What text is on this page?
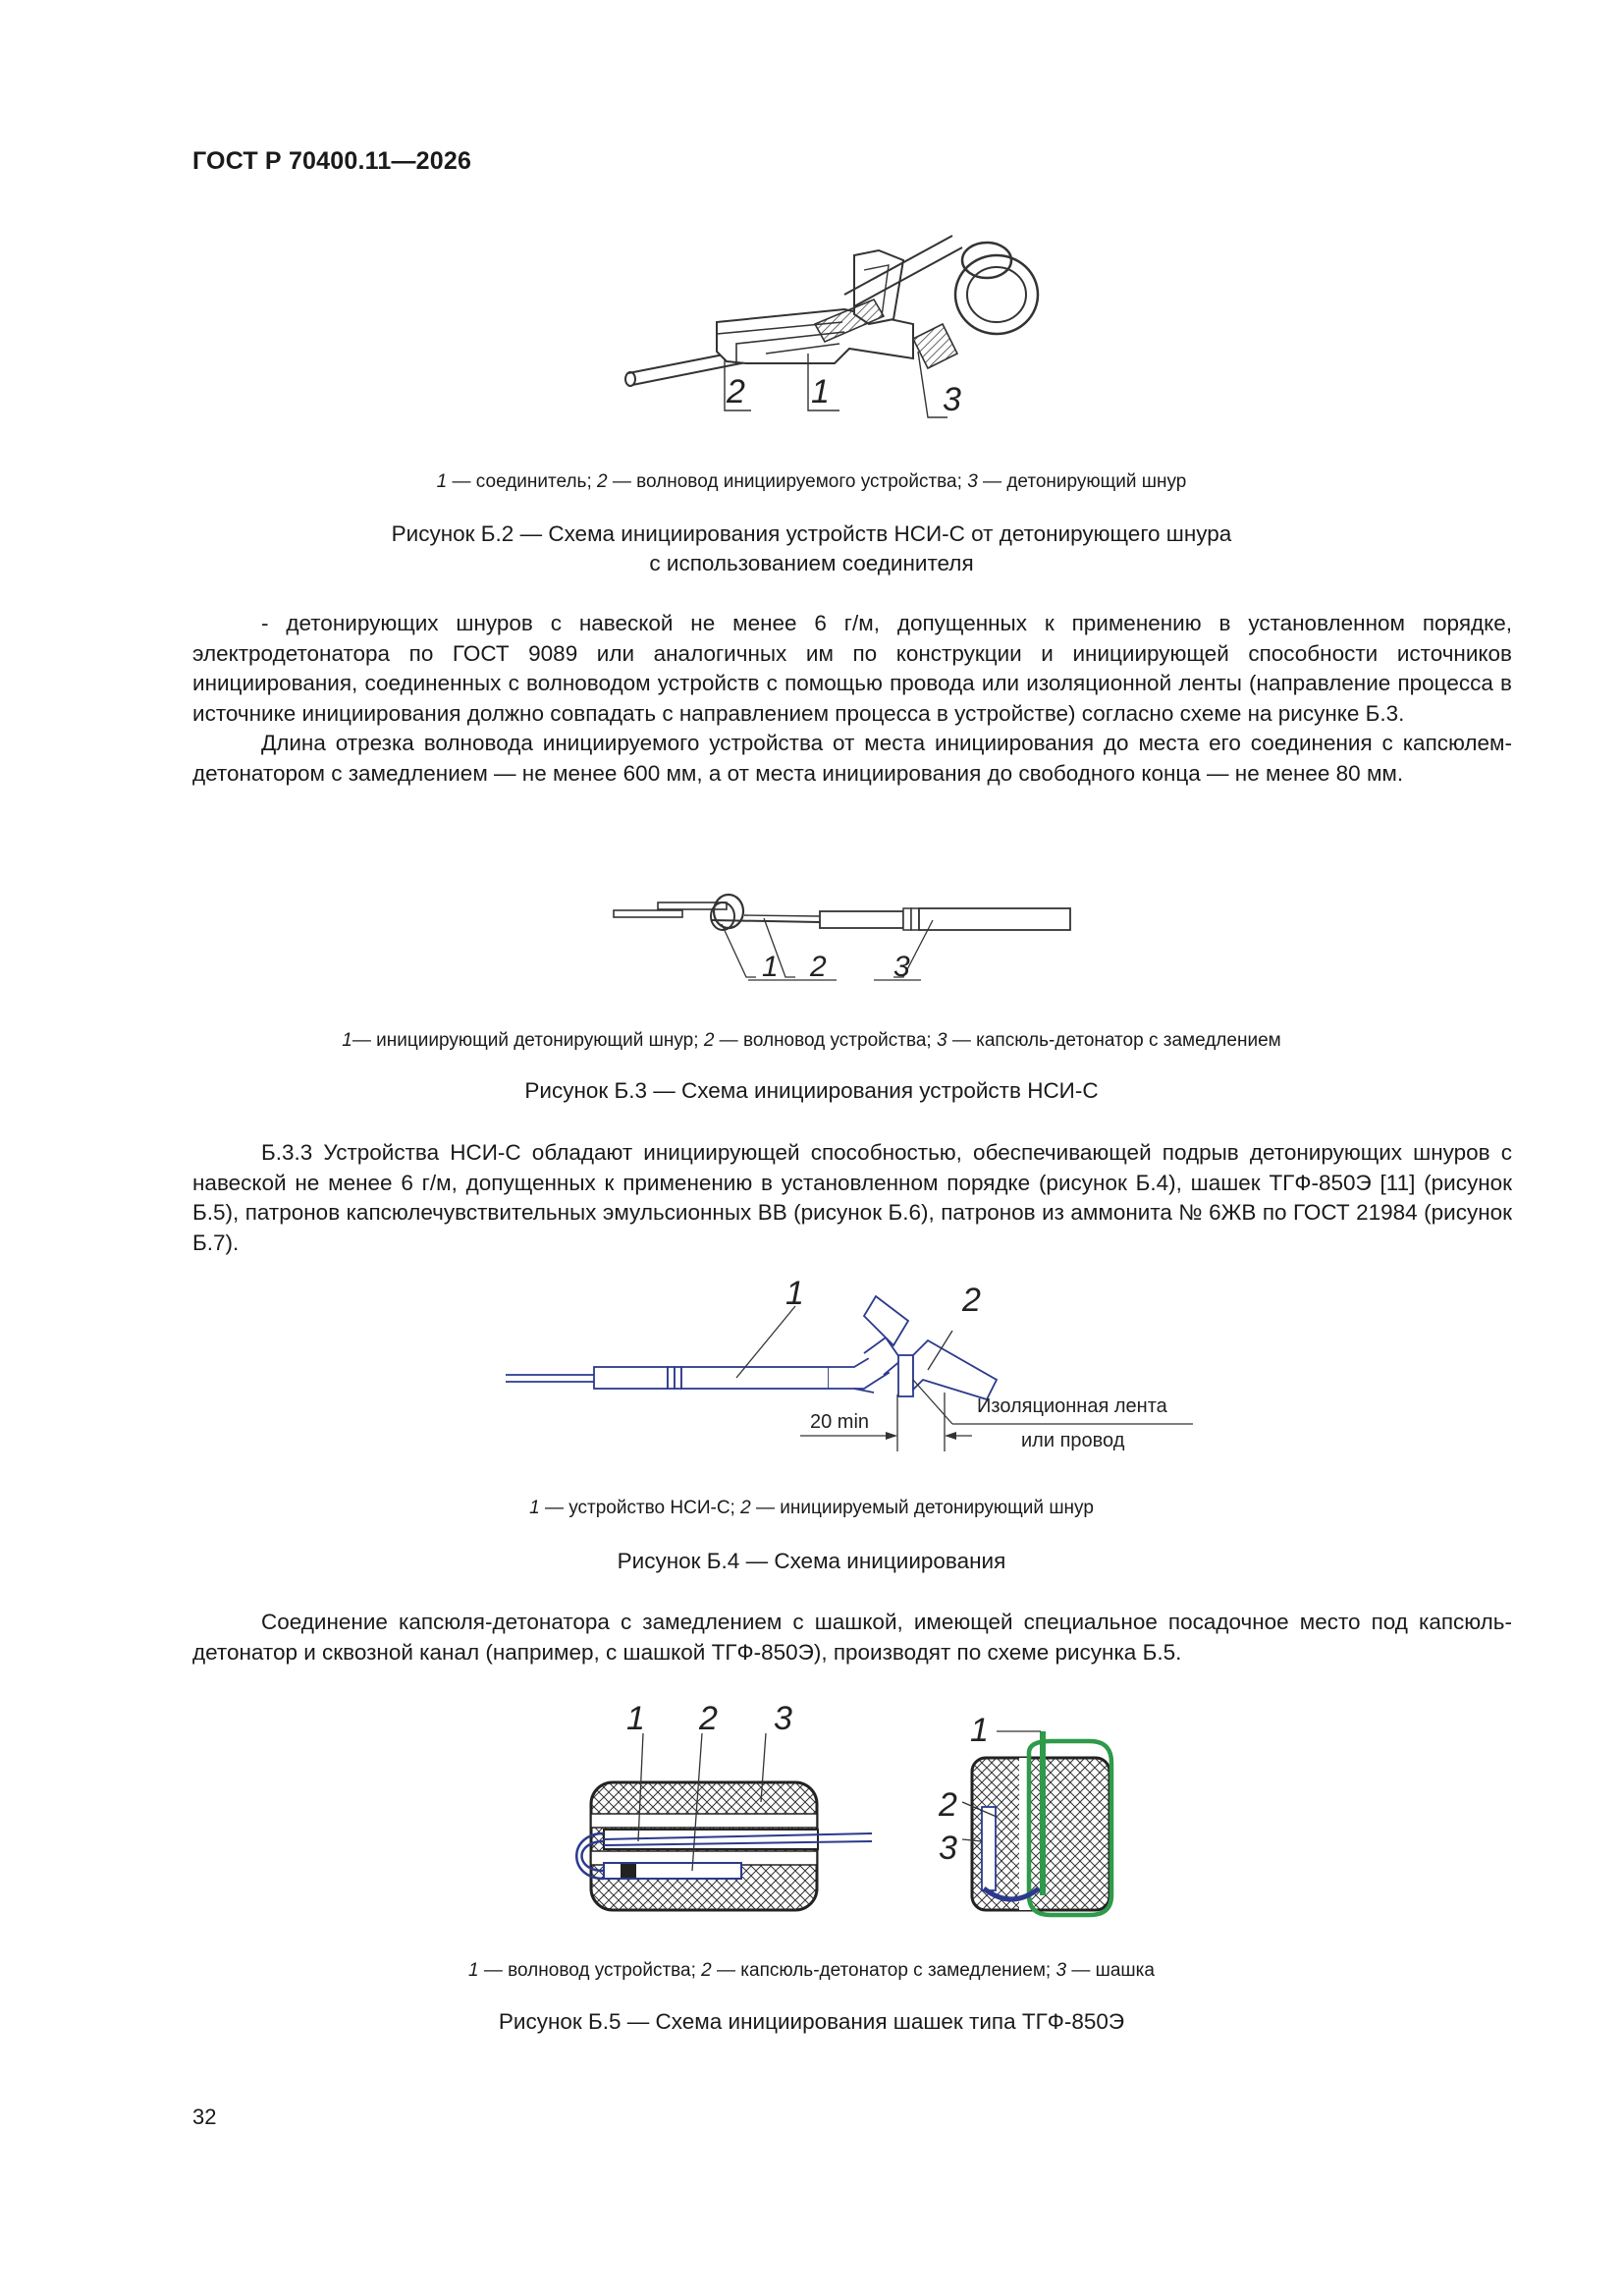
ГОСТ Р 70400.11—2026
2 1	3
1 — соединитель; 2 — волновод инициируемого устройства; 3 — детонирующий шнур
Рисунок Б.2 — Схема инициирования устройств НСИ-С от детонирующего шнура
с использованием соединителя

- детонирующих шнуров с навеской не менее 6 г/м, допущенных к применению в установленном порядке, электродетонатора по ГОСТ 9089 или аналогичных им по конструкции и инициирующей способности источников инициирования, соединенных с волноводом устройств с помощью провода или изоляционной ленты (направление процесса в источнике инициирования должно совпадать с направлением процесса в устройстве) согласно схеме на рисунке Б.3.

Длина отрезка волновода инициируемого устройства от места инициирования до места его соединения с капсюлем-детонатором с замедлением — не менее 600 мм, а от места инициирования до свободного конца — не менее 80 мм.

1 2 3
1— инициирующий детонирующий шнур; 2 — волновод устройства; 3 — капсюль-детонатор с замедлением
Рисунок Б.3 — Схема инициирования устройств НСИ-С

Б.3.3 Устройства НСИ-С обладают инициирующей способностью, обеспечивающей подрыв детонирующих шнуров с навеской не менее 6 г/м, допущенных к применению в установленном порядке (рисунок Б.4), шашек ТГФ-850Э [11] (рисунок Б.5), патронов капсюлечувствительных эмульсионных ВВ (рисунок Б.6), патронов из аммонита № 6ЖВ по ГОСТ 21984 (рисунок Б.7).

1	2
20 min
Изоляционная лента
или провод
1 — устройство НСИ-С; 2 — инициируемый детонирующий шнур
Рисунок Б.4 — Схема инициирования

Соединение капсюля-детонатора с замедлением с шашкой, имеющей специальное посадочное место под капсюль-детонатор и сквозной канал (например, с шашкой ТГФ-850Э), производят по схеме рисунка Б.5.

1 2 3	1
2
3
1 — волновод устройства; 2 — капсюль-детонатор с замедлением; 3 — шашка
Рисунок Б.5 — Схема инициирования шашек типа ТГФ-850Э
32
